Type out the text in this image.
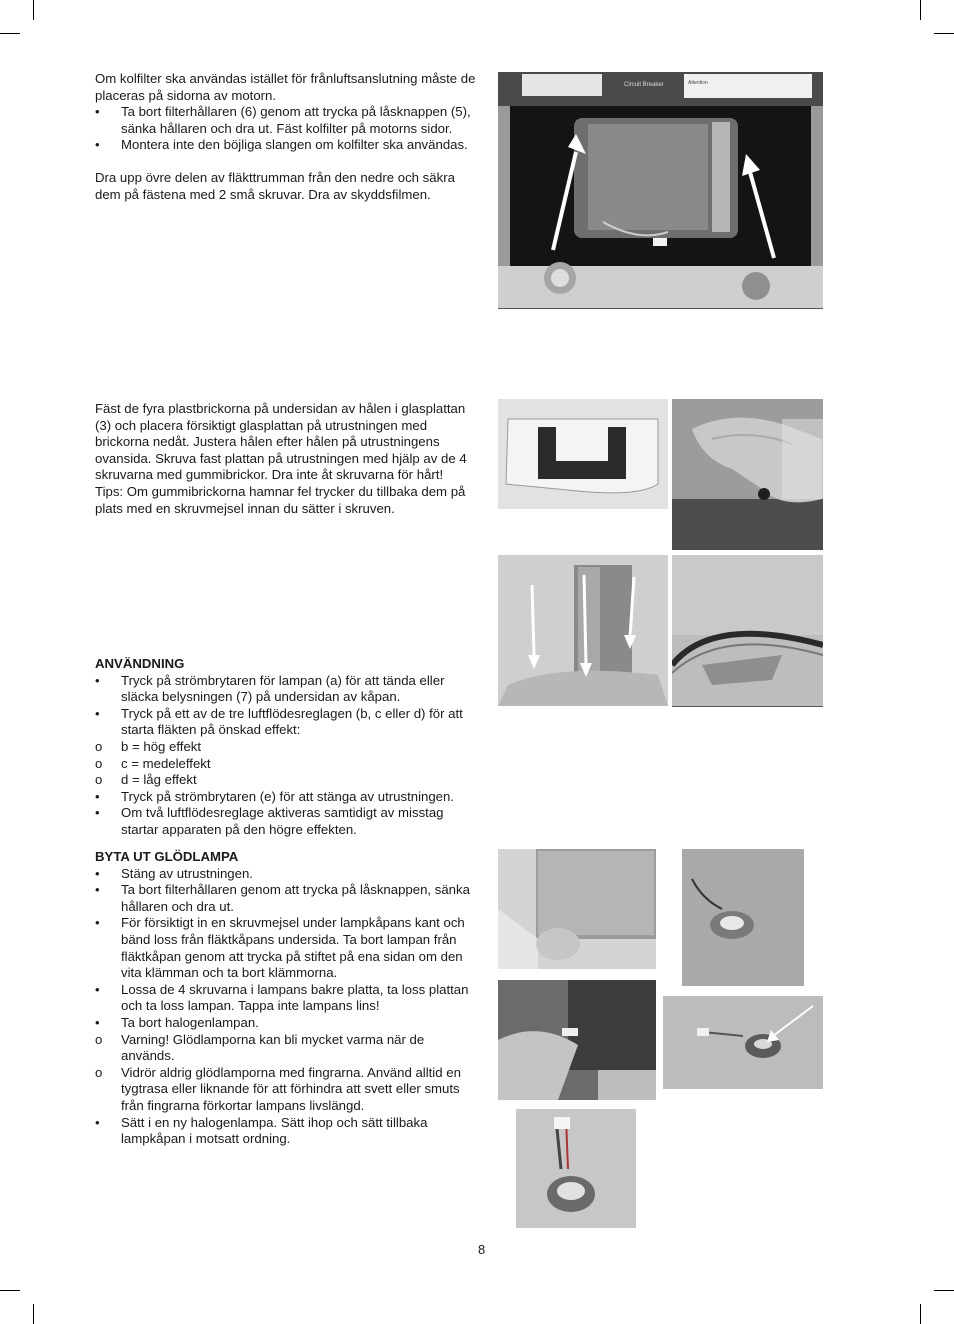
Om kolfilter ska användas istället för frånluftsanslutning måste de placeras på sidorna av motorn.

• Ta bort filterhållaren (6) genom att trycka på låsknappen (5), sänka hållaren och dra ut. Fäst kolfilter på motorns sidor.
• Montera inte den böjliga slangen om kolfilter ska användas.

Dra upp övre delen av fläkttrumman från den nedre och säkra dem på fästena med 2 små skruvar. Dra av skyddsfilmen.

Fäst de fyra plastbrickorna på undersidan av hålen i glasplattan (3) och placera försiktigt glasplattan på utrustningen med brickorna nedåt. Justera hålen efter hålen på utrustningens ovansida. Skruva fast plattan på utrustningen med hjälp av de 4 skruvarna med gummibrickor. Dra inte åt skruvarna för hårt! Tips: Om gummibrickorna hamnar fel trycker du tillbaka dem på plats med en skruvmejsel innan du sätter i skruven.

ANVÄNDNING

• Tryck på strömbrytaren för lampan (a) för att tända eller släcka belysningen (7) på undersidan av kåpan.
• Tryck på ett av de tre luftflödesreglagen (b, c eller d) för att starta fläkten på önskad effekt:
o b = hög effekt
o c = medeleffekt
o d = låg effekt
• Tryck på strömbrytaren (e) för att stänga av utrustningen.
• Om två luftflödesreglage aktiveras samtidigt av misstag startar apparaten på den högre effekten.

BYTA UT GLÖDLAMPA

• Stäng av utrustningen.
• Ta bort filterhållaren genom att trycka på låsknappen, sänka hållaren och dra ut.
• För försiktigt in en skruvmejsel under lampkåpans kant och bänd loss från fläktkåpans undersida. Ta bort lampan från fläktkåpan genom att trycka på stiftet på ena sidan om den vita klämman och ta bort klämmorna.
• Lossa de 4 skruvarna i lampans bakre platta, ta loss plattan och ta loss lampan. Tappa inte lampans lins!
• Ta bort halogenlampan.
o Varning! Glödlamporna kan bli mycket varma när de används.
o Vidrör aldrig glödlamporna med fingrarna. Använd alltid en tygtrasa eller liknande för att förhindra att svett eller smuts från fingrarna förkortar lampans livslängd.
• Sätt i en ny halogenlampa. Sätt ihop och sätt tillbaka lampkåpan i motsatt ordning.
Circuit Breaker	Attention
8
